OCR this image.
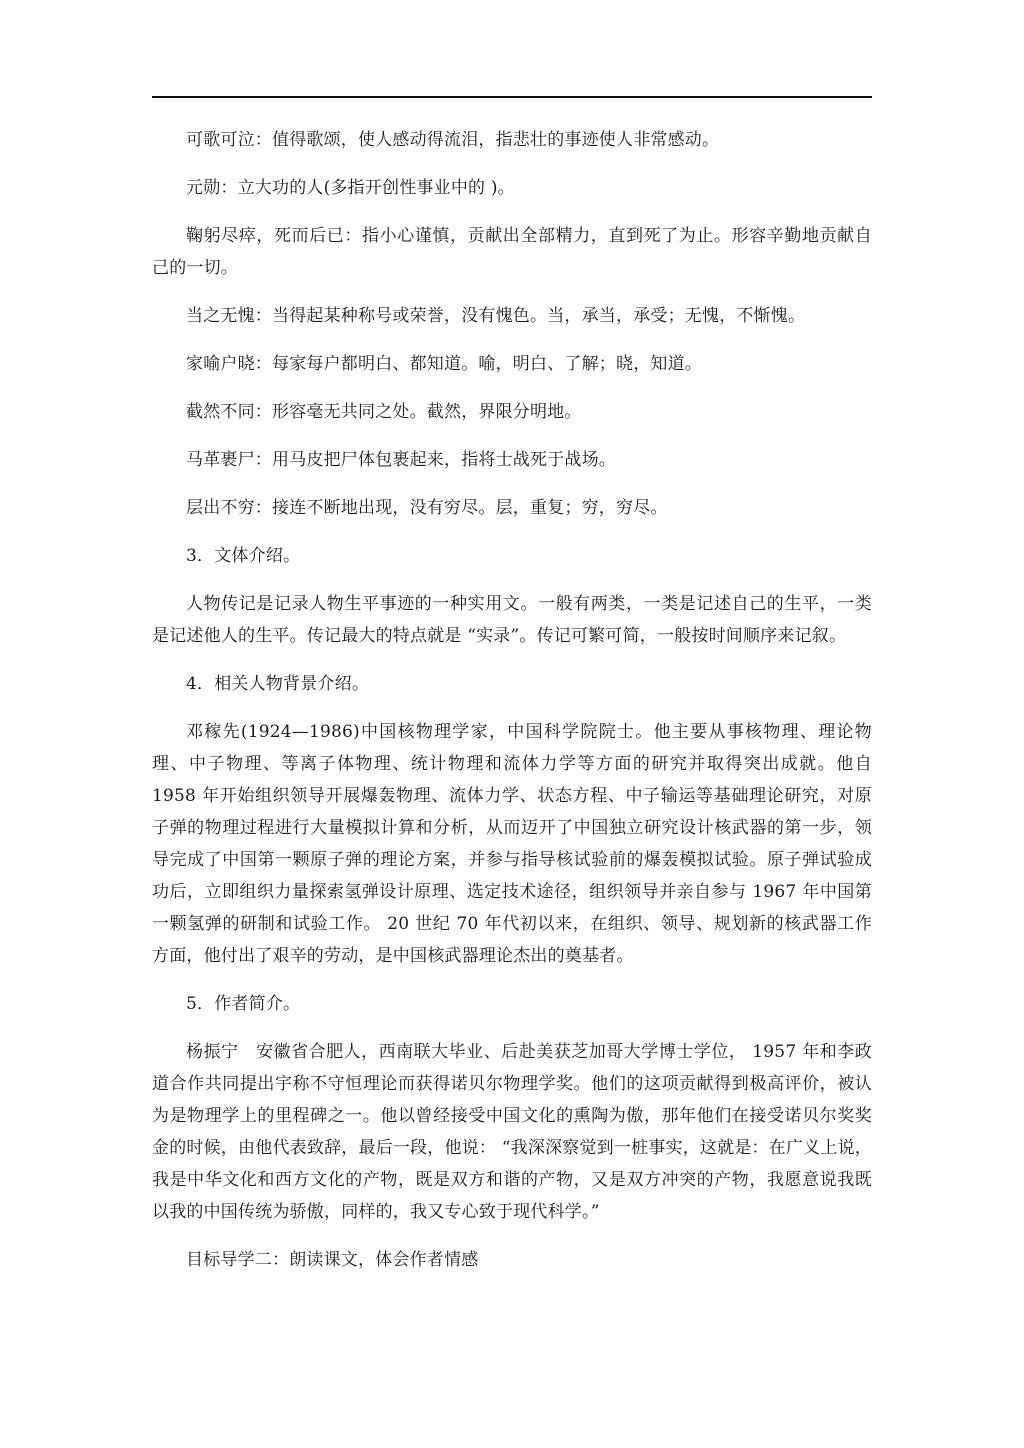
可歌可泣：值得歌颂，使人感动得流泪，指悲壮的事迹使人非常感动。

元勋：立大功的人(多指开创性事业中的 )。

鞠躬尽瘁，死而后已：指小心谨慎，贡献出全部精力，直到死了为止。形容辛勤地贡献自己的一切。

当之无愧：当得起某种称号或荣誉，没有愧色。当，承当，承受；无愧，不惭愧。

家喻户晓：每家每户都明白、都知道。喻，明白、了解；晓，知道。

截然不同：形容毫无共同之处。截然，界限分明地。

马革裹尸：用马皮把尸体包裹起来，指将士战死于战场。

层出不穷：接连不断地出现，没有穷尽。层，重复；穷，穷尽。

3．文体介绍。

人物传记是记录人物生平事迹的一种实用文。一般有两类，一类是记述自己的生平，一类是记述他人的生平。传记最大的特点就是 “实录”。传记可繁可简，一般按时间顺序来记叙。

4．相关人物背景介绍。

邓稼先(1924—1986)中国核物理学家，中国科学院院士。他主要从事核物理、理论物理、中子物理、等离子体物理、统计物理和流体力学等方面的研究并取得突出成就。他自 1958 年开始组织领导开展爆轰物理、流体力学、状态方程、中子输运等基础理论研究，对原子弹的物理过程进行大量模拟计算和分析，从而迈开了中国独立研究设计核武器的第一步，领导完成了中国第一颗原子弹的理论方案，并参与指导核试验前的爆轰模拟试验。原子弹试验成功后，立即组织力量探索氢弹设计原理、选定技术途径，组织领导并亲自参与 1967 年中国第一颗氢弹的研制和试验工作。 20 世纪 70 年代初以来，在组织、领导、规划新的核武器工作方面，他付出了艰辛的劳动，是中国核武器理论杰出的奠基者。

5．作者简介。

杨振宁　安徽省合肥人，西南联大毕业、后赴美获芝加哥大学博士学位， 1957 年和李政道合作共同提出宇称不守恒理论而获得诺贝尔物理学奖。他们的这项贡献得到极高评价，被认为是物理学上的里程碑之一。他以曾经接受中国文化的熏陶为傲，那年他们在接受诺贝尔奖奖金的时候，由他代表致辞，最后一段，他说： “我深深察觉到一桩事实，这就是：在广义上说，我是中华文化和西方文化的产物，既是双方和谐的产物，又是双方冲突的产物，我愿意说我既以我的中国传统为骄傲，同样的，我又专心致于现代科学。”

目标导学二：朗读课文，体会作者情感
